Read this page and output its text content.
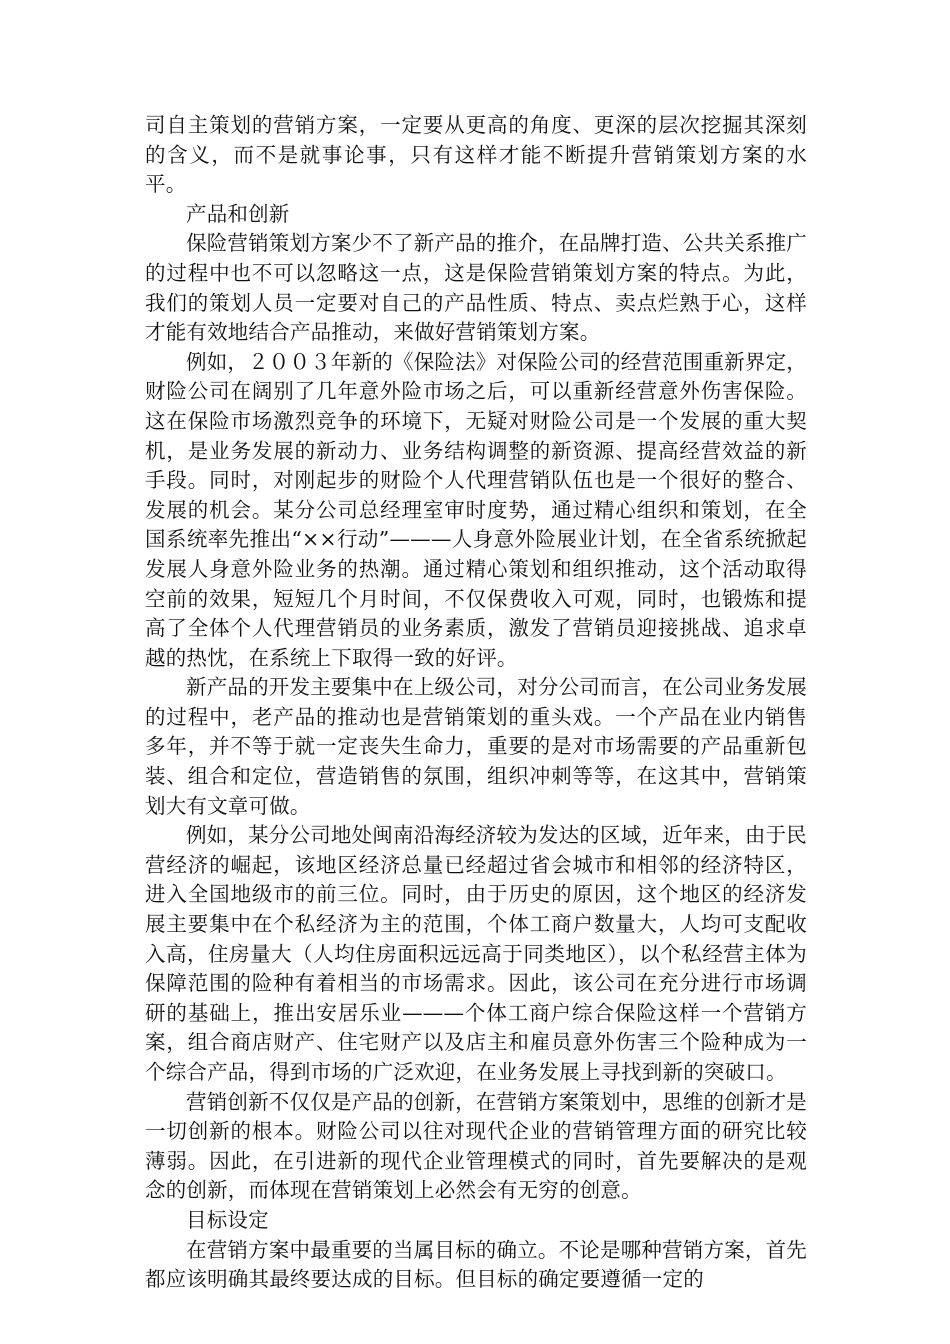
司自主策划的营销方案，一定要从更高的角度、更深的层次挖掘其深刻的含义，而不是就事论事，只有这样才能不断提升营销策划方案的水平。

产品和创新

保险营销策划方案少不了新产品的推介，在品牌打造、公共关系推广的过程中也不可以忽略这一点，这是保险营销策划方案的特点。为此，我们的策划人员一定要对自己的产品性质、特点、卖点烂熟于心，这样才能有效地结合产品推动，来做好营销策划方案。

例如，２００３年新的《保险法》对保险公司的经营范围重新界定，财险公司在阔别了几年意外险市场之后，可以重新经营意外伤害保险。这在保险市场激烈竞争的环境下，无疑对财险公司是一个发展的重大契机，是业务发展的新动力、业务结构调整的新资源、提高经营效益的新手段。同时，对刚起步的财险个人代理营销队伍也是一个很好的整合、发展的机会。某分公司总经理室审时度势，通过精心组织和策划，在全国系统率先推出“××行动”———人身意外险展业计划，在全省系统掀起发展人身意外险业务的热潮。通过精心策划和组织推动，这个活动取得空前的效果，短短几个月时间，不仅保费收入可观，同时，也锻炼和提高了全体个人代理营销员的业务素质，激发了营销员迎接挑战、追求卓越的热忱，在系统上下取得一致的好评。

新产品的开发主要集中在上级公司，对分公司而言，在公司业务发展的过程中，老产品的推动也是营销策划的重头戏。一个产品在业内销售多年，并不等于就一定丧失生命力，重要的是对市场需要的产品重新包装、组合和定位，营造销售的氛围，组织冲刺等等，在这其中，营销策划大有文章可做。

例如，某分公司地处闽南沿海经济较为发达的区域，近年来，由于民营经济的崛起，该地区经济总量已经超过省会城市和相邻的经济特区，进入全国地级市的前三位。同时，由于历史的原因，这个地区的经济发展主要集中在个私经济为主的范围，个体工商户数量大，人均可支配收入高，住房量大（人均住房面积远远高于同类地区），以个私经营主体为保障范围的险种有着相当的市场需求。因此，该公司在充分进行市场调研的基础上，推出安居乐业———个体工商户综合保险这样一个营销方案，组合商店财产、住宅财产以及店主和雇员意外伤害三个险种成为一个综合产品，得到市场的广泛欢迎，在业务发展上寻找到新的突破口。

营销创新不仅仅是产品的创新，在营销方案策划中，思维的创新才是一切创新的根本。财险公司以往对现代企业的营销管理方面的研究比较薄弱。因此，在引进新的现代企业管理模式的同时，首先要解决的是观念的创新，而体现在营销策划上必然会有无穷的创意。

目标设定

在营销方案中最重要的当属目标的确立。不论是哪种营销方案，首先都应该明确其最终要达成的目标。但目标的确定要遵循一定的
